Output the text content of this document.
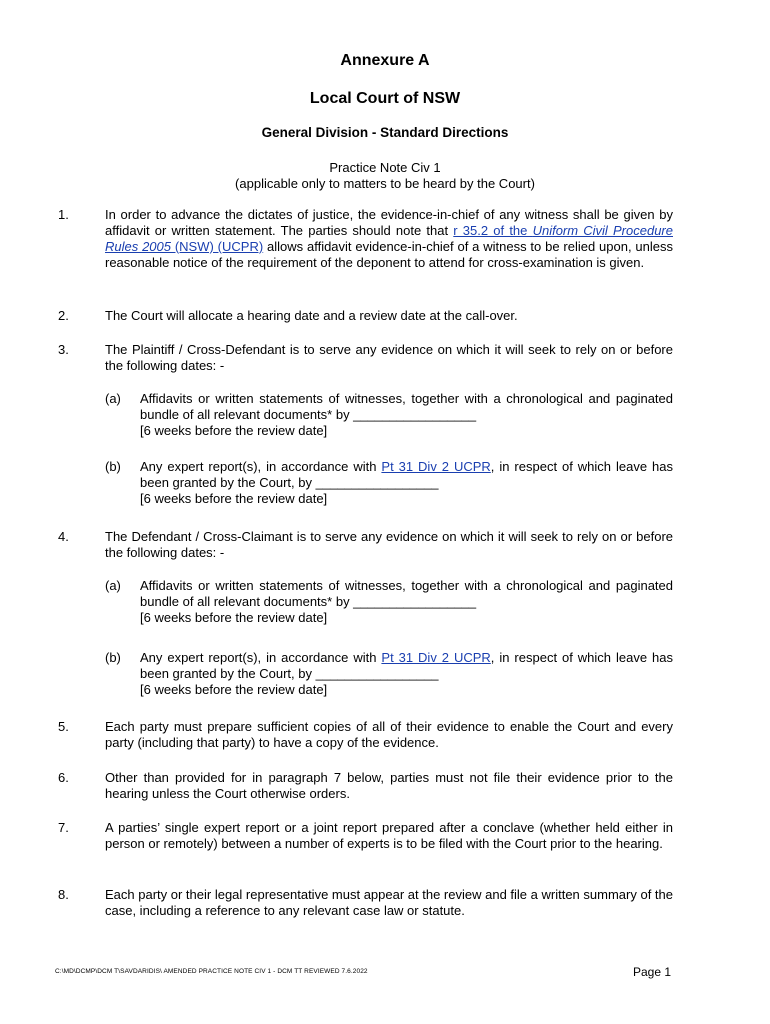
Annexure A
Local Court of NSW
General Division - Standard Directions
Practice Note Civ 1
(applicable only to matters to be heard by the Court)
1.	In order to advance the dictates of justice, the evidence-in-chief of any witness shall be given by affidavit or written statement. The parties should note that r 35.2 of the Uniform Civil Procedure Rules 2005 (NSW) (UCPR) allows affidavit evidence-in-chief of a witness to be relied upon, unless reasonable notice of the requirement of the deponent to attend for cross-examination is given.
2.	The Court will allocate a hearing date and a review date at the call-over.
3.	The Plaintiff / Cross-Defendant is to serve any evidence on which it will seek to rely on or before the following dates: -
(a) Affidavits or written statements of witnesses, together with a chronological and paginated bundle of all relevant documents* by _________________
[6 weeks before the review date]
(b) Any expert report(s), in accordance with Pt 31 Div 2 UCPR, in respect of which leave has been granted by the Court, by _________________
[6 weeks before the review date]
4.	The Defendant / Cross-Claimant is to serve any evidence on which it will seek to rely on or before the following dates: -
(a) Affidavits or written statements of witnesses, together with a chronological and paginated bundle of all relevant documents* by _________________
[6 weeks before the review date]
(b) Any expert report(s), in accordance with Pt 31 Div 2 UCPR, in respect of which leave has been granted by the Court, by _________________
[6 weeks before the review date]
5.	Each party must prepare sufficient copies of all of their evidence to enable the Court and every party (including that party) to have a copy of the evidence.
6.	Other than provided for in paragraph 7 below, parties must not file their evidence prior to the hearing unless the Court otherwise orders.
7.	A parties’ single expert report or a joint report prepared after a conclave (whether held either in person or remotely) between a number of experts is to be filed with the Court prior to the hearing.
8.	Each party or their legal representative must appear at the review and file a written summary of the case, including a reference to any relevant case law or statute.
C:\MD\DCMP\DCM T\SAVDARIDIS\ AMENDED PRACTICE NOTE CIV 1 - DCM TT REVIEWED 7.6.2022	Page 1
